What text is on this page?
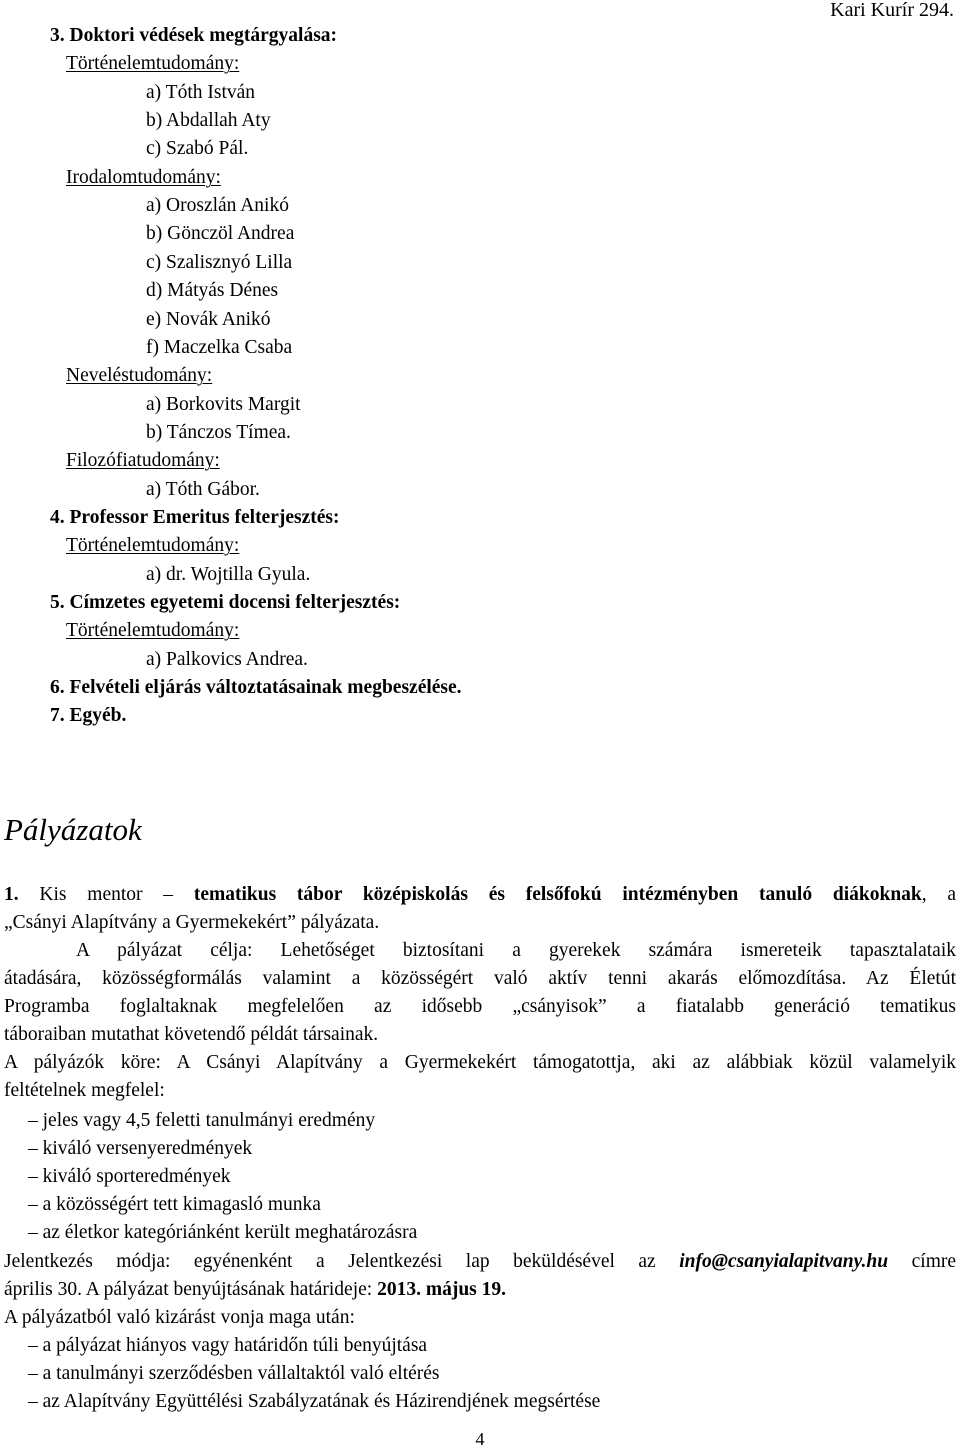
Kari Kurír 294.
3. Doktori védések megtárgyalása:
Történelemtudomány:
a) Tóth István
b) Abdallah Aty
c) Szabó Pál.
Irodalomtudomány:
a) Oroszlán Anikó
b) Gönczöl Andrea
c) Szalisznyó Lilla
d) Mátyás Dénes
e) Novák Anikó
f) Maczelka Csaba
Neveléstudomány:
a) Borkovits Margit
b) Tánczos Tímea.
Filozófiatudomány:
a) Tóth Gábor.
4. Professor Emeritus felterjesztés:
Történelemtudomány:
a) dr. Wojtilla Gyula.
5. Címzetes egyetemi docensi felterjesztés:
Történelemtudomány:
a) Palkovics Andrea.
6. Felvételi eljárás változtatásainak megbeszélése.
7. Egyéb.
Pályázatok
1. Kis mentor – tematikus tábor középiskolás és felsőfokú intézményben tanuló diákoknak, a
„Csányi Alapítvány a Gyermekekért” pályázata.
A pályázat célja: Lehetőséget biztosítani a gyerekek számára ismereteik tapasztalataik
átadására, közösségformálás valamint a közösségért való aktív tenni akarás előmozdítása. Az Életút
Programba foglaltaknak megfelelően az idősebb „csányisok” a fiatalabb generáció tematikus
táboraiban mutathat követendő példát társainak.
A pályázók köre: A Csányi Alapítvány a Gyermekekért támogatottja, aki az alábbiak közül valamelyik
feltételnek megfelel:
– jeles vagy 4,5 feletti tanulmányi eredmény
– kiváló versenyeredmények
– kiváló sporteredmények
– a közösségért tett kimagasló munka
– az életkor kategóriánként került meghatározásra
Jelentkezés módja: egyénenként a Jelentkezési lap beküldésével az info@csanyialapitvany.hu címre
április 30. A pályázat benyújtásának határideje: 2013. május 19.
A pályázatból való kizárást vonja maga után:
– a pályázat hiányos vagy határidőn túli benyújtása
– a tanulmányi szerződésben vállaltaktól való eltérés
– az Alapítvány Együttélési Szabályzatának és Házirendjének megsértése
4
